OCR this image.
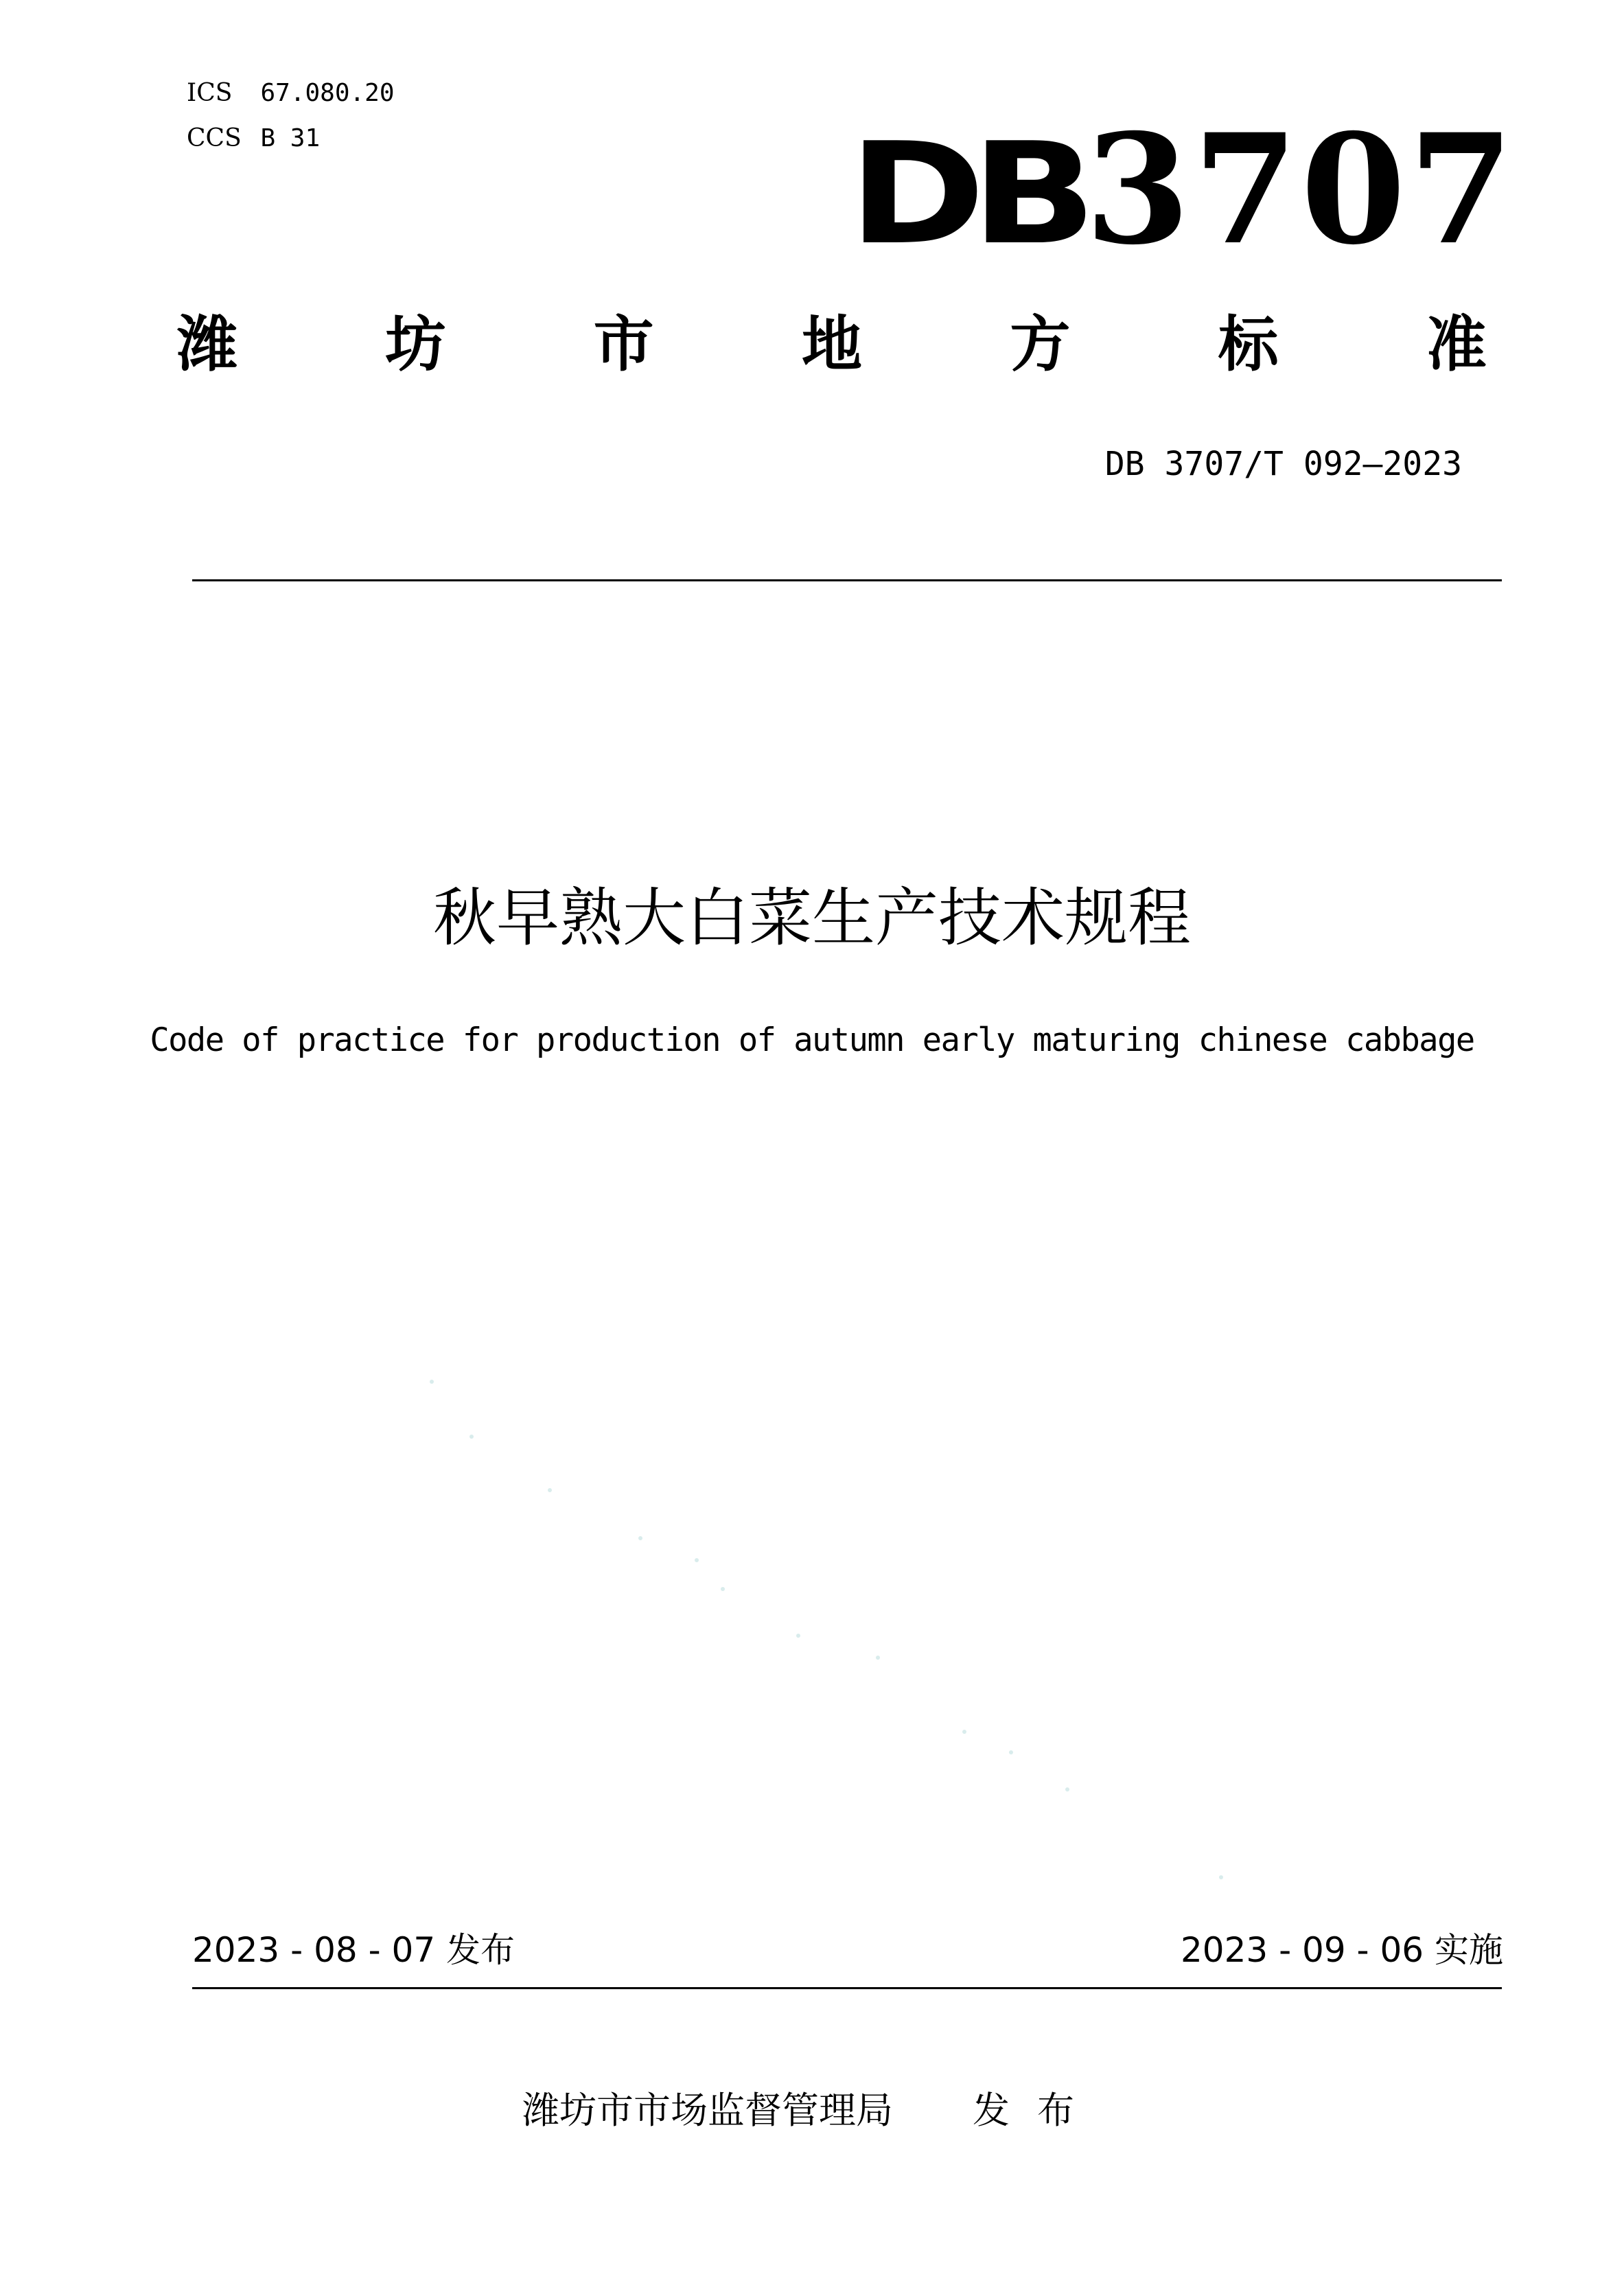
ICS 67.080.20
CCS B 31	DB 3707
潍 坊 市 地 方 标 准
DB 3707/T 092—2023
秋早熟大白菜生产技术规程
Code of practice for production of autumn early maturing chinese cabbage
2023 - 08 - 07 发布	2023 - 09 - 06 实施
潍坊市市场监督管理局 发布
